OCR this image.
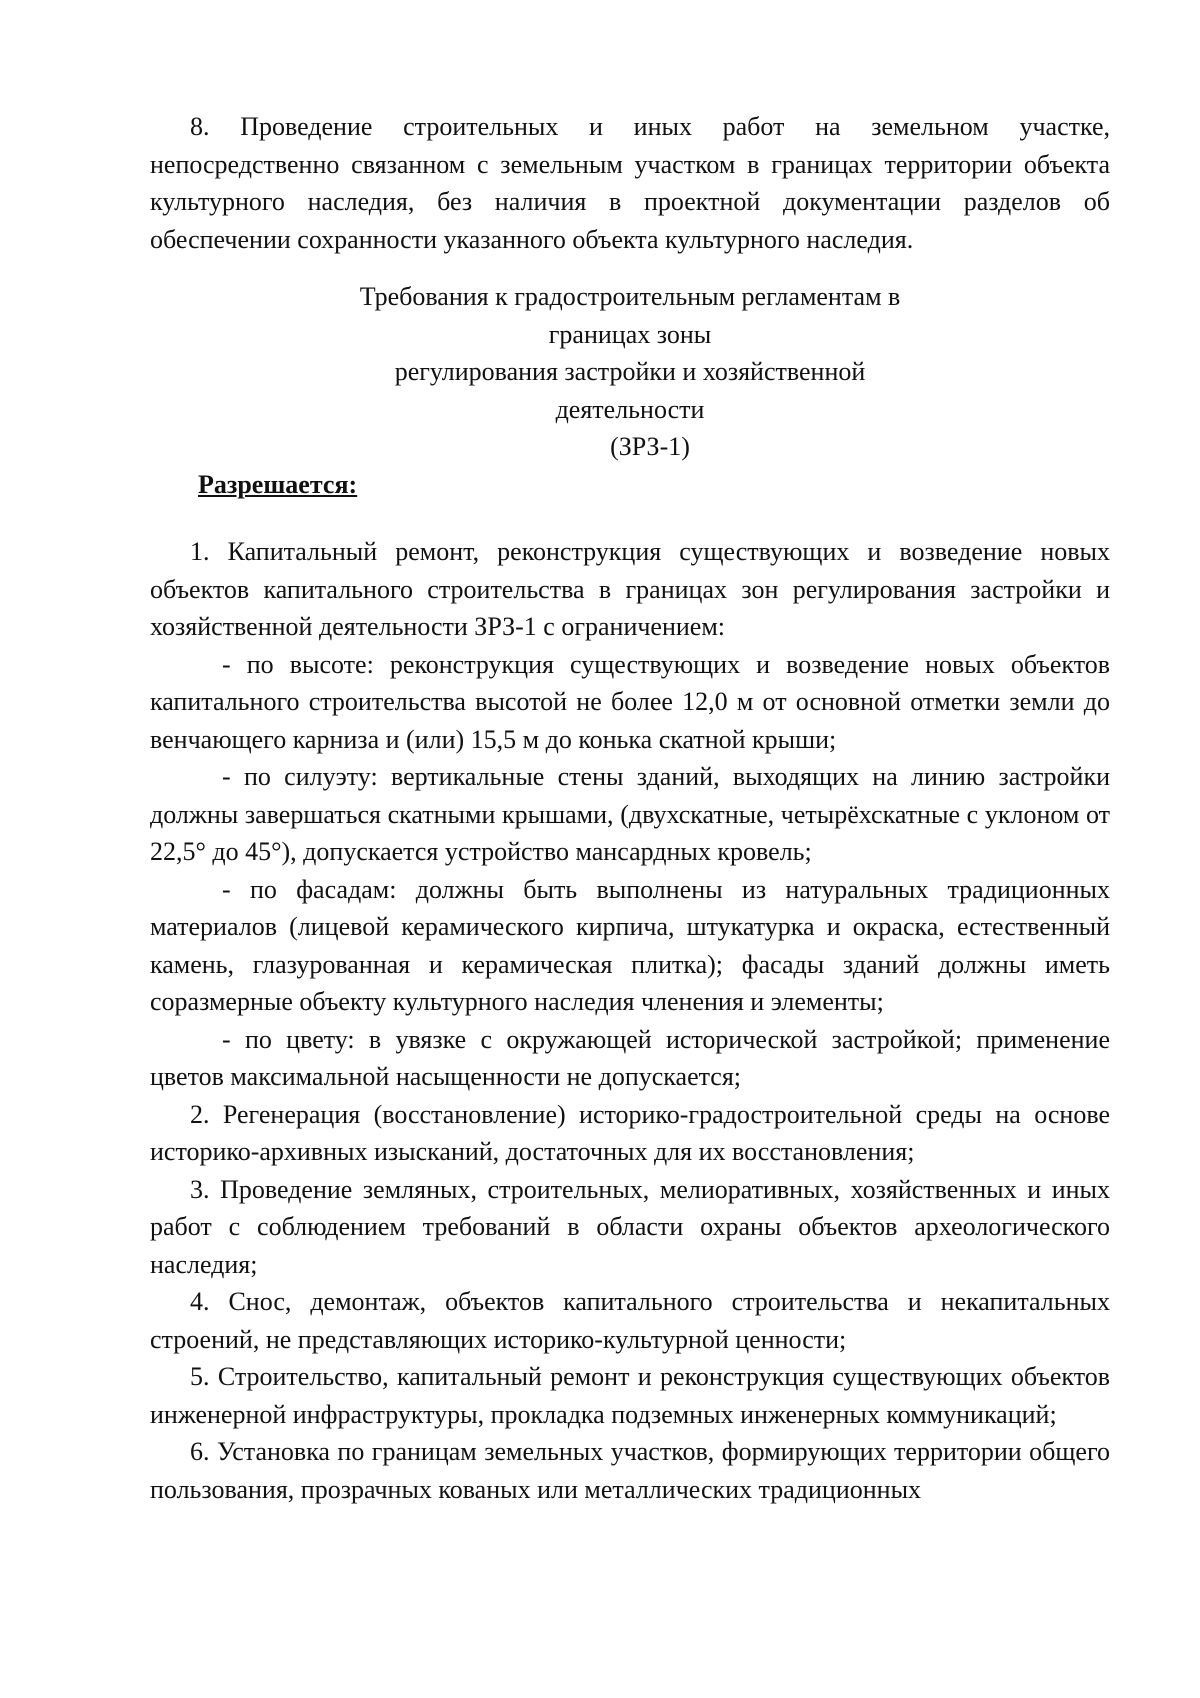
8. Проведение строительных и иных работ на земельном участке, непосредственно связанном с земельным участком в границах территории объекта культурного наследия, без наличия в проектной документации разделов об обеспечении сохранности указанного объекта культурного наследия.

Требования к градостроительным регламентам в границах зоны
регулирования застройки и хозяйственной деятельности
(ЗРЗ-1)
Разрешается:

1. Капитальный ремонт, реконструкция существующих и возведение новых объектов капитального строительства в границах зон регулирования застройки и хозяйственной деятельности ЗРЗ-1 с ограничением:

- по высоте: реконструкция существующих и возведение новых объектов капитального строительства высотой не более 12,0 м от основной отметки земли до венчающего карниза и (или) 15,5 м до конька скатной крыши;

- по силуэту: вертикальные стены зданий, выходящих на линию застройки должны завершаться скатными крышами, (двухскатные, четырёхскатные с уклоном от 22,5° до 45°), допускается устройство мансардных кровель;

- по фасадам: должны быть выполнены из натуральных традиционных материалов (лицевой керамического кирпича, штукатурка и окраска, естественный камень, глазурованная и керамическая плитка); фасады зданий должны иметь соразмерные объекту культурного наследия членения и элементы;

- по цвету: в увязке с окружающей исторической застройкой; применение цветов максимальной насыщенности не допускается;

2. Регенерация (восстановление) историко-градостроительной среды на основе историко-архивных изысканий, достаточных для их восстановления;

3. Проведение земляных, строительных, мелиоративных, хозяйственных и иных работ с соблюдением требований в области охраны объектов археологического наследия;

4. Снос, демонтаж, объектов капитального строительства и некапитальных строений, не представляющих историко-культурной ценности;

5. Строительство, капитальный ремонт и реконструкция существующих объектов инженерной инфраструктуры, прокладка подземных инженерных коммуникаций;

6. Установка по границам земельных участков, формирующих территории общего пользования, прозрачных кованых или металлических традиционных
